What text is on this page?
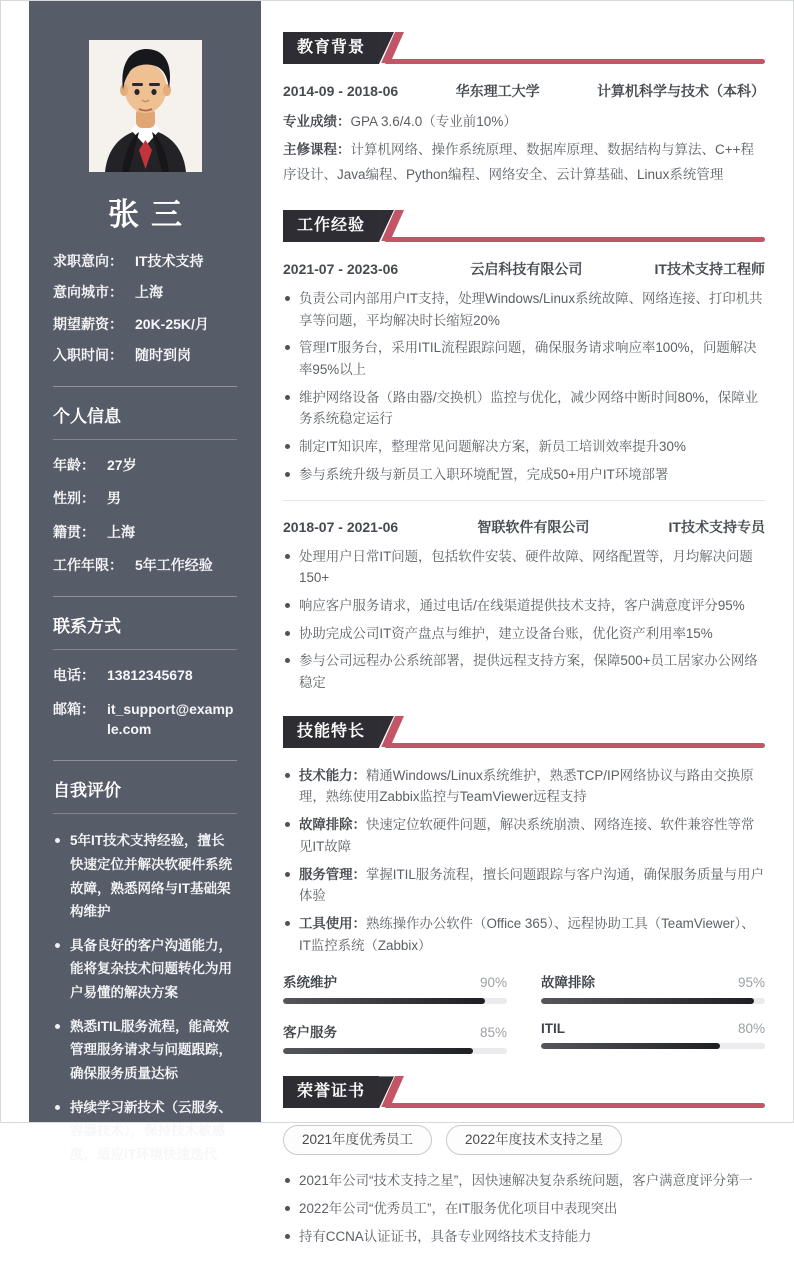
张三
求职意向： IT技术支持
意向城市： 上海
期望薪资： 20K-25K/月
入职时间： 随时到岗
个人信息
年龄： 27岁
性别： 男
籍贯： 上海
工作年限： 5年工作经验
联系方式
电话： 13812345678
邮箱： it_support@example.com
自我评价
5年IT技术支持经验，擅长快速定位并解决软硬件系统故障，熟悉网络与IT基础架构维护
具备良好的客户沟通能力，能将复杂技术问题转化为用户易懂的解决方案
熟悉ITIL服务流程，能高效管理服务请求与问题跟踪，确保服务质量达标
持续学习新技术（云服务、容器技术），保持技术敏感度，适应IT环境快速迭代
教育背景
2014-09 - 2018-06	华东理工大学	计算机科学与技术（本科）

专业成绩：GPA 3.6/4.0（专业前10%）

主修课程：计算机网络、操作系统原理、数据库原理、数据结构与算法、C++程序设计、Java编程、Python编程、网络安全、云计算基础、Linux系统管理

工作经验
2021-07 - 2023-06	云启科技有限公司	IT技术支持工程师
负责公司内部用户IT支持，处理Windows/Linux系统故障、网络连接、打印机共享等问题，平均解决时长缩短20%
管理IT服务台，采用ITIL流程跟踪问题，确保服务请求响应率100%，问题解决率95%以上
维护网络设备（路由器/交换机）监控与优化，减少网络中断时间80%，保障业务系统稳定运行
制定IT知识库，整理常见问题解决方案，新员工培训效率提升30%
参与系统升级与新员工入职环境配置，完成50+用户IT环境部署
2018-07 - 2021-06	智联软件有限公司	IT技术支持专员
处理用户日常IT问题，包括软件安装、硬件故障、网络配置等，月均解决问题150+
响应客户服务请求，通过电话/在线渠道提供技术支持，客户满意度评分95%
协助完成公司IT资产盘点与维护，建立设备台账，优化资产利用率15%
参与公司远程办公系统部署，提供远程支持方案，保障500+员工居家办公网络稳定
技能特长
技术能力：精通Windows/Linux系统维护，熟悉TCP/IP网络协议与路由交换原理，熟练使用Zabbix监控与TeamViewer远程支持
故障排除：快速定位软硬件问题，解决系统崩溃、网络连接、软件兼容性等常见IT故障
服务管理：掌握ITIL服务流程，擅长问题跟踪与客户沟通，确保服务质量与用户体验
工具使用：熟练操作办公软件（Office 365）、远程协助工具（TeamViewer）、IT监控系统（Zabbix）
系统维护	90%	故障排除	95%
客户服务	85%	ITIL	80%
荣誉证书
2021年度优秀员工	2022年度技术支持之星
2021年公司“技术支持之星”，因快速解决复杂系统问题，客户满意度评分第一
2022年公司“优秀员工”，在IT服务优化项目中表现突出
持有CCNA认证证书，具备专业网络技术支持能力
